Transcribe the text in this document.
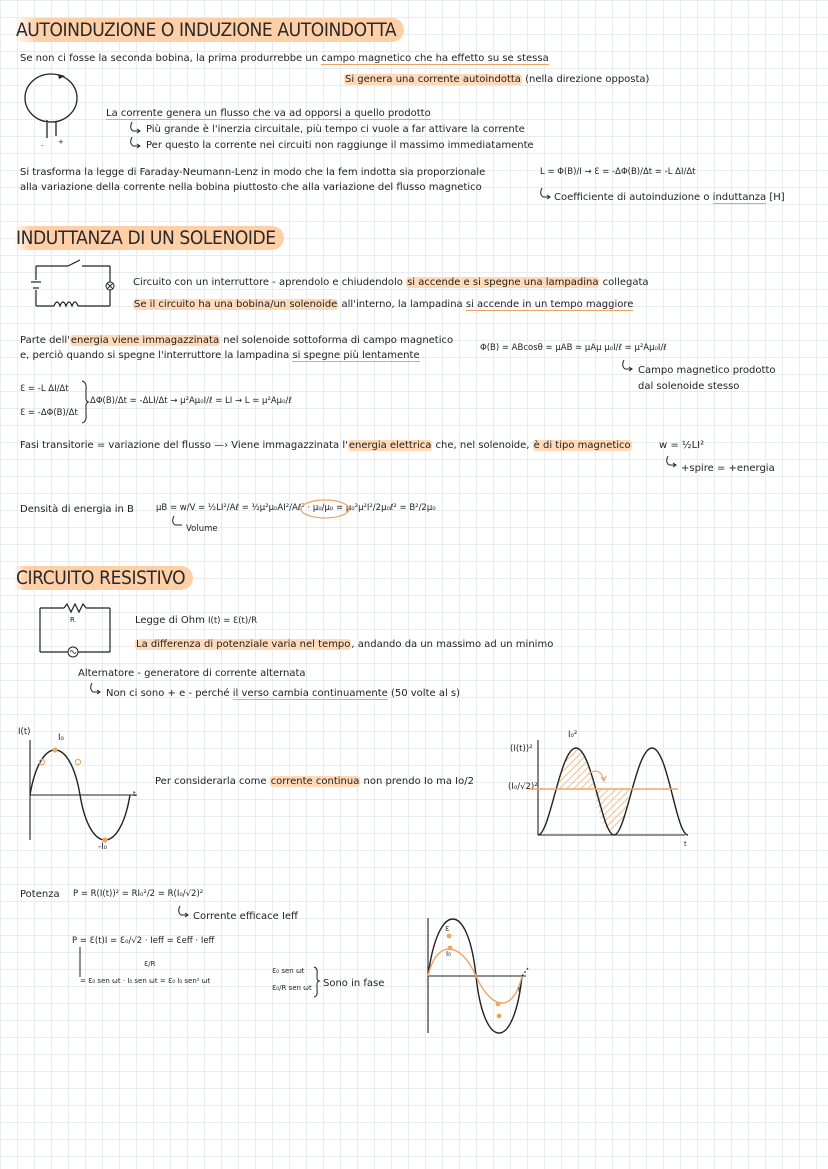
AUTOINDUZIONE O INDUZIONE AUTOINDOTTA
Se non ci fosse la seconda bobina, la prima produrrebbe un campo magnetico che ha effetto su se stessa
Si genera una corrente autoindotta (nella direzione opposta)
- +
La corrente genera un flusso che va ad opporsi a quello prodotto
Più grande è l'inerzia circuitale, più tempo ci vuole a far attivare la corrente
Per questo la corrente nei circuiti non raggiunge il massimo immediatamente
Si trasforma la legge di Faraday-Neumann-Lenz in modo che la fem indotta sia proporzionale
alla variazione della corrente nella bobina piuttosto che alla variazione del flusso magnetico
L = Φ(B)/I → Ɛ = -ΔΦ(B)/Δt = -L ΔI/Δt
Coefficiente di autoinduzione o induttanza [H]
INDUTTANZA DI UN SOLENOIDE
Circuito con un interruttore - aprendolo e chiudendolo si accende e si spegne una lampadina collegata
Se il circuito ha una bobina/un solenoide all'interno, la lampadina si accende in un tempo maggiore
Parte dell'energia viene immagazzinata nel solenoide sottoforma di campo magnetico
e, perciò quando si spegne l'interruttore la lampadina si spegne più lentamente
Φ(B) = ABcosθ = μAB = μAμ μ₀I/ℓ = μ²Aμ₀I/ℓ
Campo magnetico prodotto
dal solenoide stesso
Ɛ = -L ΔI/Δt
Ɛ = -ΔΦ(B)/Δt
ΔΦ(B)/Δt = -ΔLI/Δt → μ²Aμ₀I/ℓ = LI → L = μ²Aμ₀/ℓ
Fasi transitorie = variazione del flusso —› Viene immagazzinata l'energia elettrica che, nel solenoide, è di tipo magnetico	w = ½LI²
+spire = +energia
Densità di energia in B	μB = w/V = ½LI²/Aℓ = ½μ²μ₀AI²/Aℓ² · μ₀/μ₀ = μ₀²μ²I²/2μ₀ℓ² = B²/2μ₀
Volume
CIRCUITO RESISTIVO
R	Legge di Ohm I(t) = Ɛ(t)/R
La differenza di potenziale varia nel tempo, andando da un massimo ad un minimo
Alternatore - generatore di corrente alternata
Non ci sono + e - perché il verso cambia continuamente (50 volte al s)
I(t)
I₀
t
-I₀
Per considerarla come corrente continua non prendo Io ma Io/2
(I(t))²
I₀²
(I₀/√2)²
t
Potenza P = R(I(t))² = RI₀²/2 = R(I₀/√2)²
Corrente efficace Ieff
P = Ɛ(t)I = Ɛ₀/√2 · Ieff = Ɛeff · Ieff
Ɛ/R
= Ɛ₀ sen ωt · I₀ sen ωt = Ɛ₀ I₀ sen² ωt
Ɛ₀ sen ωt
Ɛ₀/R sen ωt Sono in fase
Ɛ
I₀
t
